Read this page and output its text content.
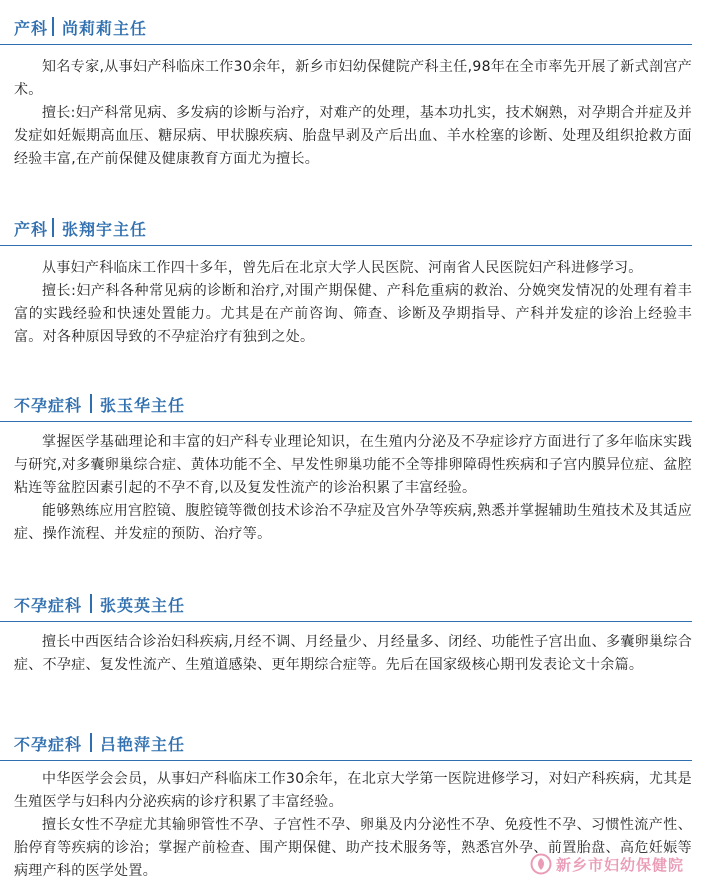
产科 尚莉莉主任

知名专家,从事妇产科临床工作30余年，新乡市妇幼保健院产科主任,98年在全市率先开展了新式剖宫产术。

擅长:妇产科常见病、多发病的诊断与治疗，对难产的处理，基本功扎实，技术娴熟，对孕期合并症及并发症如妊娠期高血压、糖尿病、甲状腺疾病、胎盘早剥及产后出血、羊水栓塞的诊断、处理及组织抢救方面经验丰富,在产前保健及健康教育方面尤为擅长。

产科 张翔宇主任

从事妇产科临床工作四十多年，曾先后在北京大学人民医院、河南省人民医院妇产科进修学习。

擅长:妇产科各种常见病的诊断和治疗,对围产期保健、产科危重病的救治、分娩突发情况的处理有着丰富的实践经验和快速处置能力。尤其是在产前咨询、筛查、诊断及孕期指导、产科并发症的诊治上经验丰富。对各种原因导致的不孕症治疗有独到之处。

不孕症科 张玉华主任

掌握医学基础理论和丰富的妇产科专业理论知识，在生殖内分泌及不孕症诊疗方面进行了多年临床实践与研究,对多囊卵巢综合症、黄体功能不全、早发性卵巢功能不全等排卵障碍性疾病和子宫内膜异位症、盆腔粘连等盆腔因素引起的不孕不育,以及复发性流产的诊治积累了丰富经验。

能够熟练应用宫腔镜、腹腔镜等微创技术诊治不孕症及宫外孕等疾病,熟悉并掌握辅助生殖技术及其适应症、操作流程、并发症的预防、治疗等。

不孕症科 张英英主任

擅长中西医结合诊治妇科疾病,月经不调、月经量少、月经量多、闭经、功能性子宫出血、多囊卵巢综合症、不孕症、复发性流产、生殖道感染、更年期综合症等。先后在国家级核心期刊发表论文十余篇。

不孕症科 吕艳萍主任

中华医学会会员，从事妇产科临床工作30余年，在北京大学第一医院进修学习，对妇产科疾病，尤其是生殖医学与妇科内分泌疾病的诊疗积累了丰富经验。

擅长女性不孕症尤其输卵管性不孕、子宫性不孕、卵巢及内分泌性不孕、免疫性不孕、习惯性流产性、胎停育等疾病的诊治；掌握产前检查、围产期保健、助产技术服务等，熟悉宫外孕、前置胎盘、高危妊娠等病理产科的医学处置。	新乡市妇幼保健院
